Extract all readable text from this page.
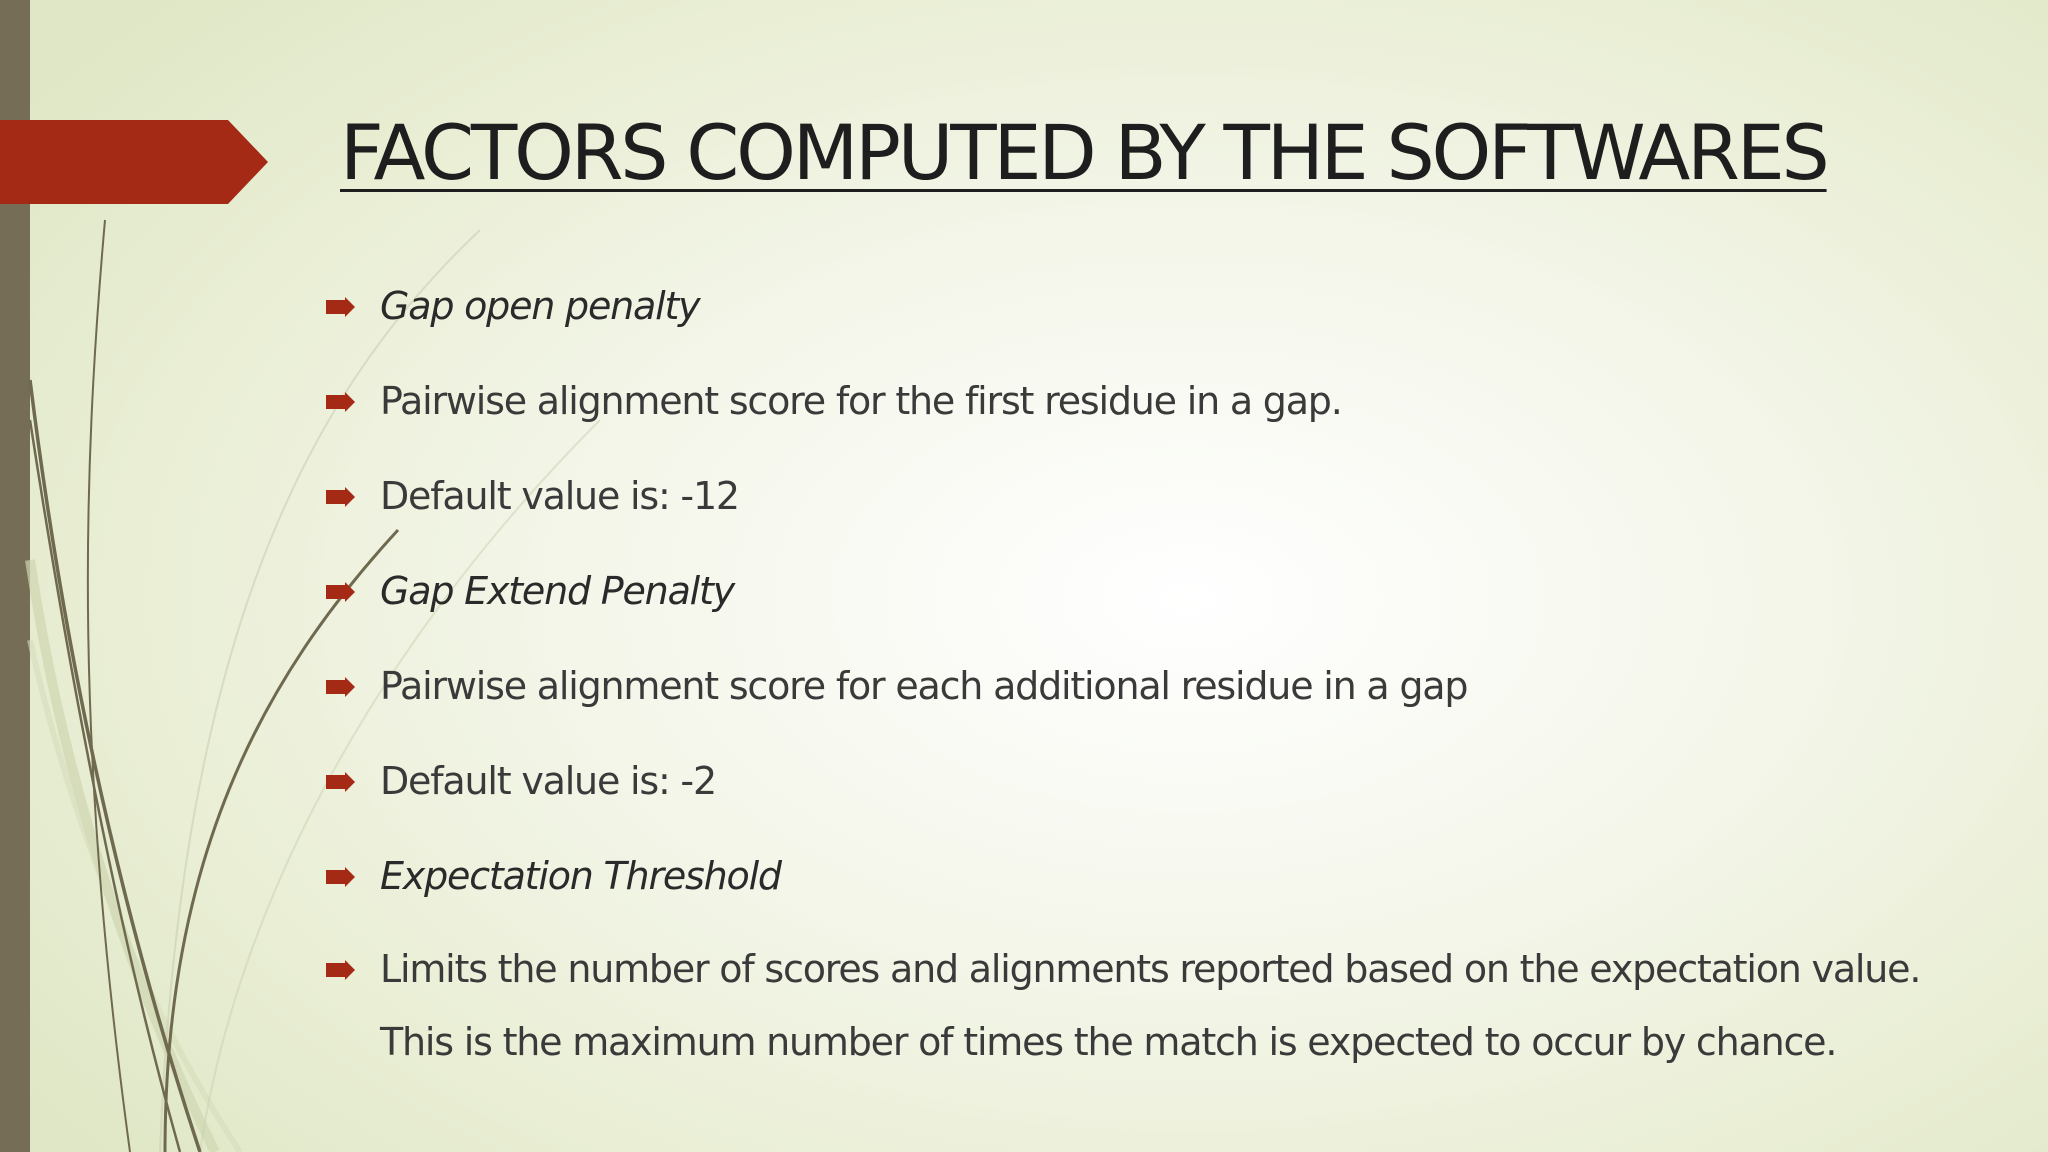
FACTORS COMPUTED BY THE SOFTWARES
Gap open penalty
Pairwise alignment score for the first residue in a gap.
Default value is: -12
Gap Extend Penalty
Pairwise alignment score for each additional residue in a gap
Default value is: -2
Expectation Threshold
Limits the number of scores and alignments reported based on the expectation value. This is the maximum number of times the match is expected to occur by chance.
